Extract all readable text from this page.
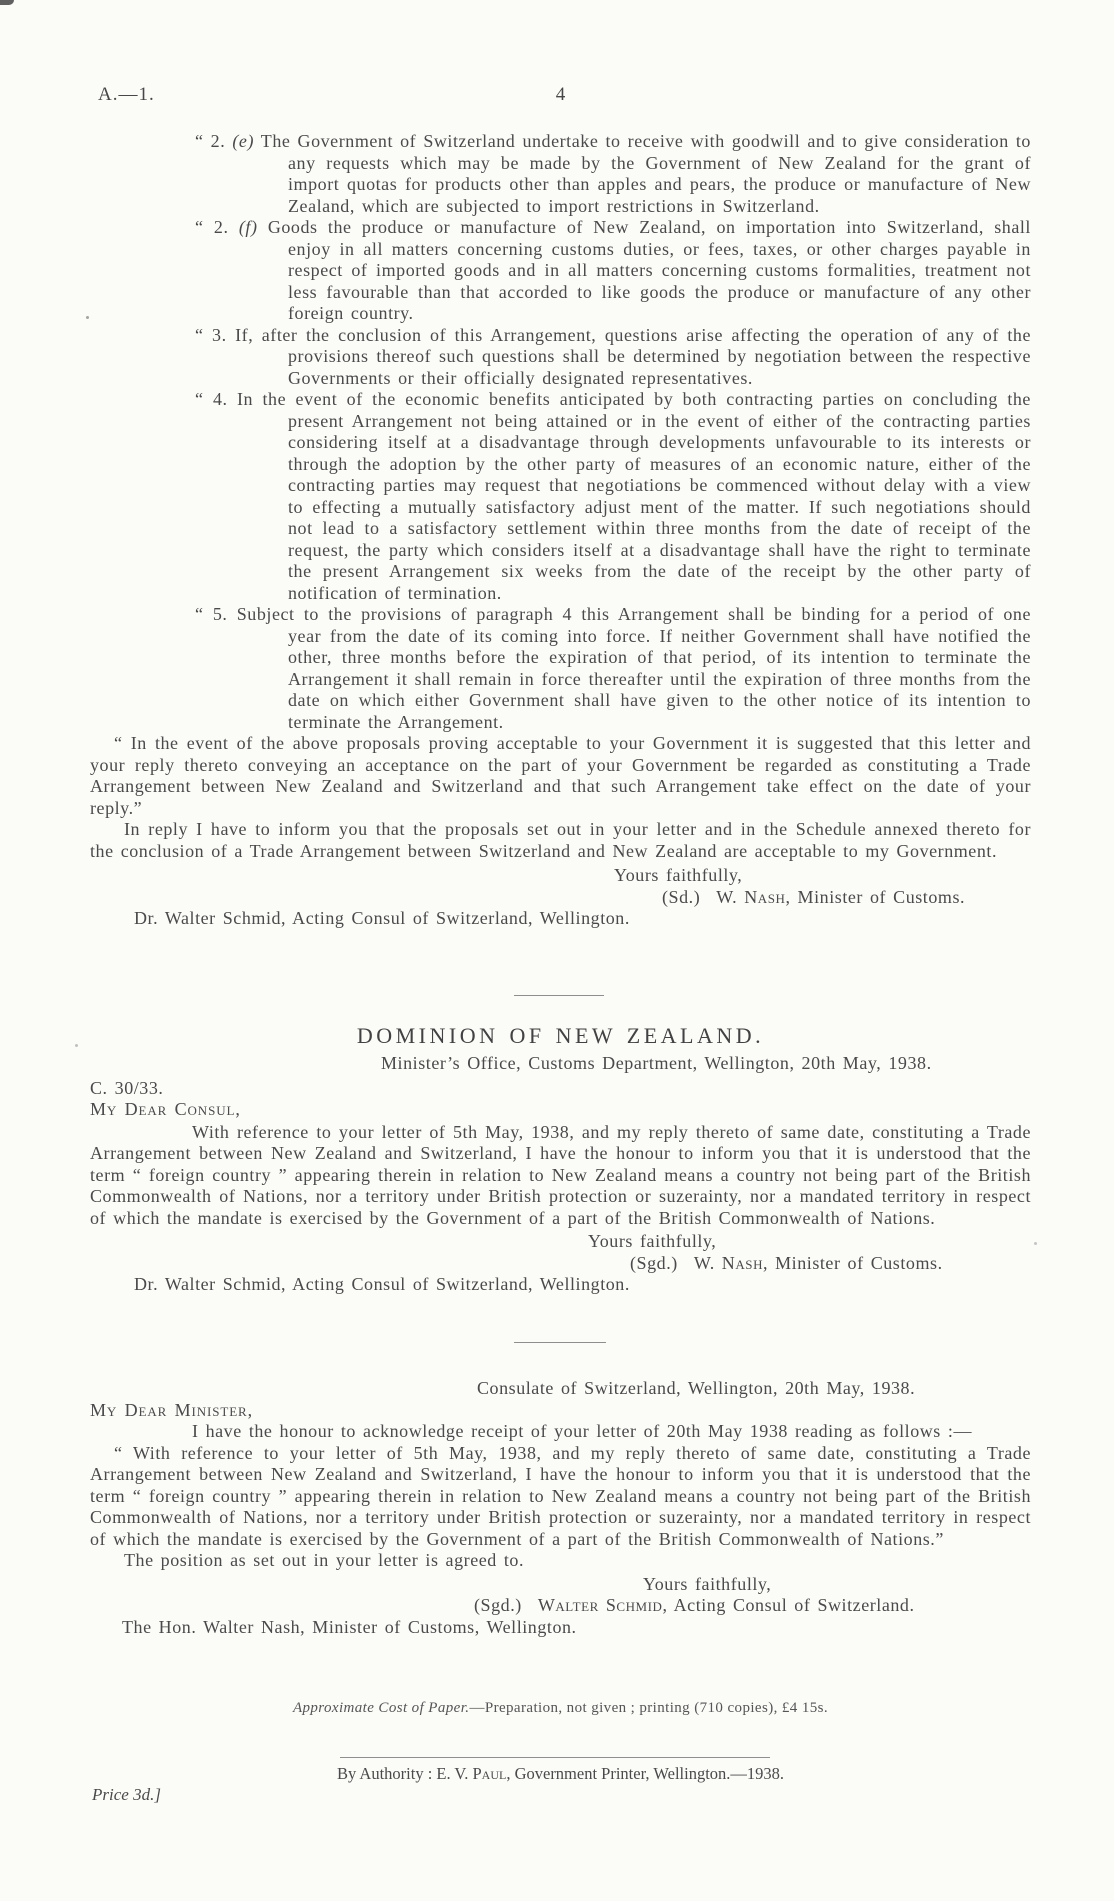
A.—1.	4

“ 2. (e) The Government of Switzerland undertake to receive with goodwill and to give consideration to any requests which may be made by the Government of New Zealand for the grant of import quotas for products other than apples and pears, the produce or manufacture of New Zealand, which are subjected to import restrictions in Switzerland.

“ 2. (f) Goods the produce or manufacture of New Zealand, on importation into Switzerland, shall enjoy in all matters concerning customs duties, or fees, taxes, or other charges payable in respect of imported goods and in all matters concerning customs formalities, treatment not less favourable than that accorded to like goods the produce or manufacture of any other foreign country.

“ 3. If, after the conclusion of this Arrangement, questions arise affecting the operation of any of the provisions thereof such questions shall be determined by negotiation between the respective Governments or their officially designated representatives.

“ 4. In the event of the economic benefits anticipated by both contracting parties on concluding the present Arrangement not being attained or in the event of either of the contracting parties considering itself at a disadvantage through developments unfavourable to its interests or through the adoption by the other party of measures of an economic nature, either of the contracting parties may request that negotiations be commenced without delay with a view to effecting a mutually satisfactory adjust ment of the matter. If such negotiations should not lead to a satisfactory settlement within three months from the date of receipt of the request, the party which considers itself at a disadvantage shall have the right to terminate the present Arrangement six weeks from the date of the receipt by the other party of notification of termination.

“ 5. Subject to the provisions of paragraph 4 this Arrangement shall be binding for a period of one year from the date of its coming into force. If neither Government shall have notified the other, three months before the expiration of that period, of its intention to terminate the Arrangement it shall remain in force thereafter until the expiration of three months from the date on which either Government shall have given to the other notice of its intention to terminate the Arrangement.

“ In the event of the above proposals proving acceptable to your Government it is suggested that this letter and your reply thereto conveying an acceptance on the part of your Government be regarded as constituting a Trade Arrangement between New Zealand and Switzerland and that such Arrangement take effect on the date of your reply.”

In reply I have to inform you that the proposals set out in your letter and in the Schedule annexed thereto for the conclusion of a Trade Arrangement between Switzerland and New Zealand are acceptable to my Government.

Yours faithfully,

(Sd.) W. Nash, Minister of Customs.

Dr. Walter Schmid, Acting Consul of Switzerland, Wellington.

DOMINION OF NEW ZEALAND.

Minister’s Office, Customs Department, Wellington, 20th May, 1938.

C. 30/33.

My Dear Consul,

With reference to your letter of 5th May, 1938, and my reply thereto of same date, constituting a Trade Arrangement between New Zealand and Switzerland, I have the honour to inform you that it is understood that the term “ foreign country ” appearing therein in relation to New Zealand means a country not being part of the British Commonwealth of Nations, nor a territory under British protection or suzerainty, nor a mandated territory in respect of which the mandate is exercised by the Government of a part of the British Commonwealth of Nations.

Yours faithfully,

(Sgd.) W. Nash, Minister of Customs.

Dr. Walter Schmid, Acting Consul of Switzerland, Wellington.

Consulate of Switzerland, Wellington, 20th May, 1938.

My Dear Minister,

I have the honour to acknowledge receipt of your letter of 20th May 1938 reading as follows :—

“ With reference to your letter of 5th May, 1938, and my reply thereto of same date, constituting a Trade Arrangement between New Zealand and Switzerland, I have the honour to inform you that it is understood that the term “ foreign country ” appearing therein in relation to New Zealand means a country not being part of the British Commonwealth of Nations, nor a territory under British protection or suzerainty, nor a mandated territory in respect of which the mandate is exercised by the Government of a part of the British Commonwealth of Nations.”

The position as set out in your letter is agreed to.

Yours faithfully,

(Sgd.) Walter Schmid, Acting Consul of Switzerland.

The Hon. Walter Nash, Minister of Customs, Wellington.

Approximate Cost of Paper.—Preparation, not given ; printing (710 copies), £4 15s.

By Authority : E. V. Paul, Government Printer, Wellington.—1938.

Price 3d.]
